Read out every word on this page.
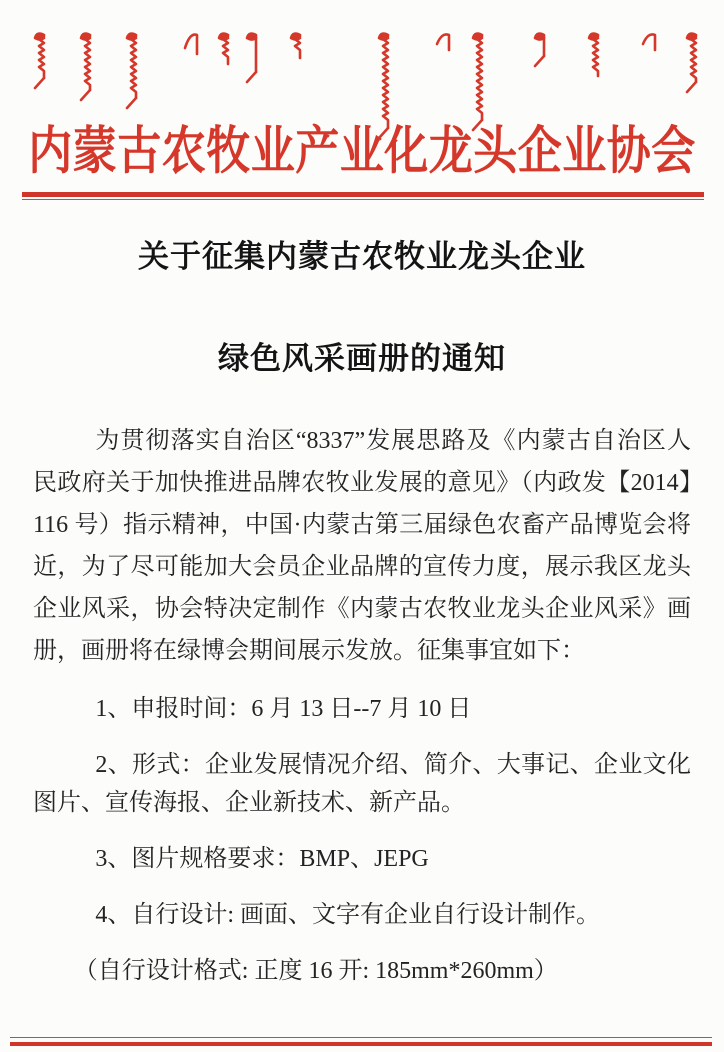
内蒙古农牧业产业化龙头企业协会
关于征集内蒙古农牧业龙头企业
绿色风采画册的通知

为贯彻落实自治区“8337”发展思路及《内蒙古自治区人民政府关于加快推进品牌农牧业发展的意见》（内政发【2014】116 号）指示精神，中国·内蒙古第三届绿色农畜产品博览会将近，为了尽可能加大会员企业品牌的宣传力度，展示我区龙头企业风采，协会特决定制作《内蒙古农牧业龙头企业风采》画册，画册将在绿博会期间展示发放。征集事宜如下：

1、申报时间：6 月 13 日--7 月 10 日

2、形式：企业发展情况介绍、简介、大事记、企业文化图片、宣传海报、企业新技术、新产品。

3、图片规格要求：BMP、JEPG

4、自行设计: 画面、文字有企业自行设计制作。

（自行设计格式: 正度 16 开: 185mm*260mm）
